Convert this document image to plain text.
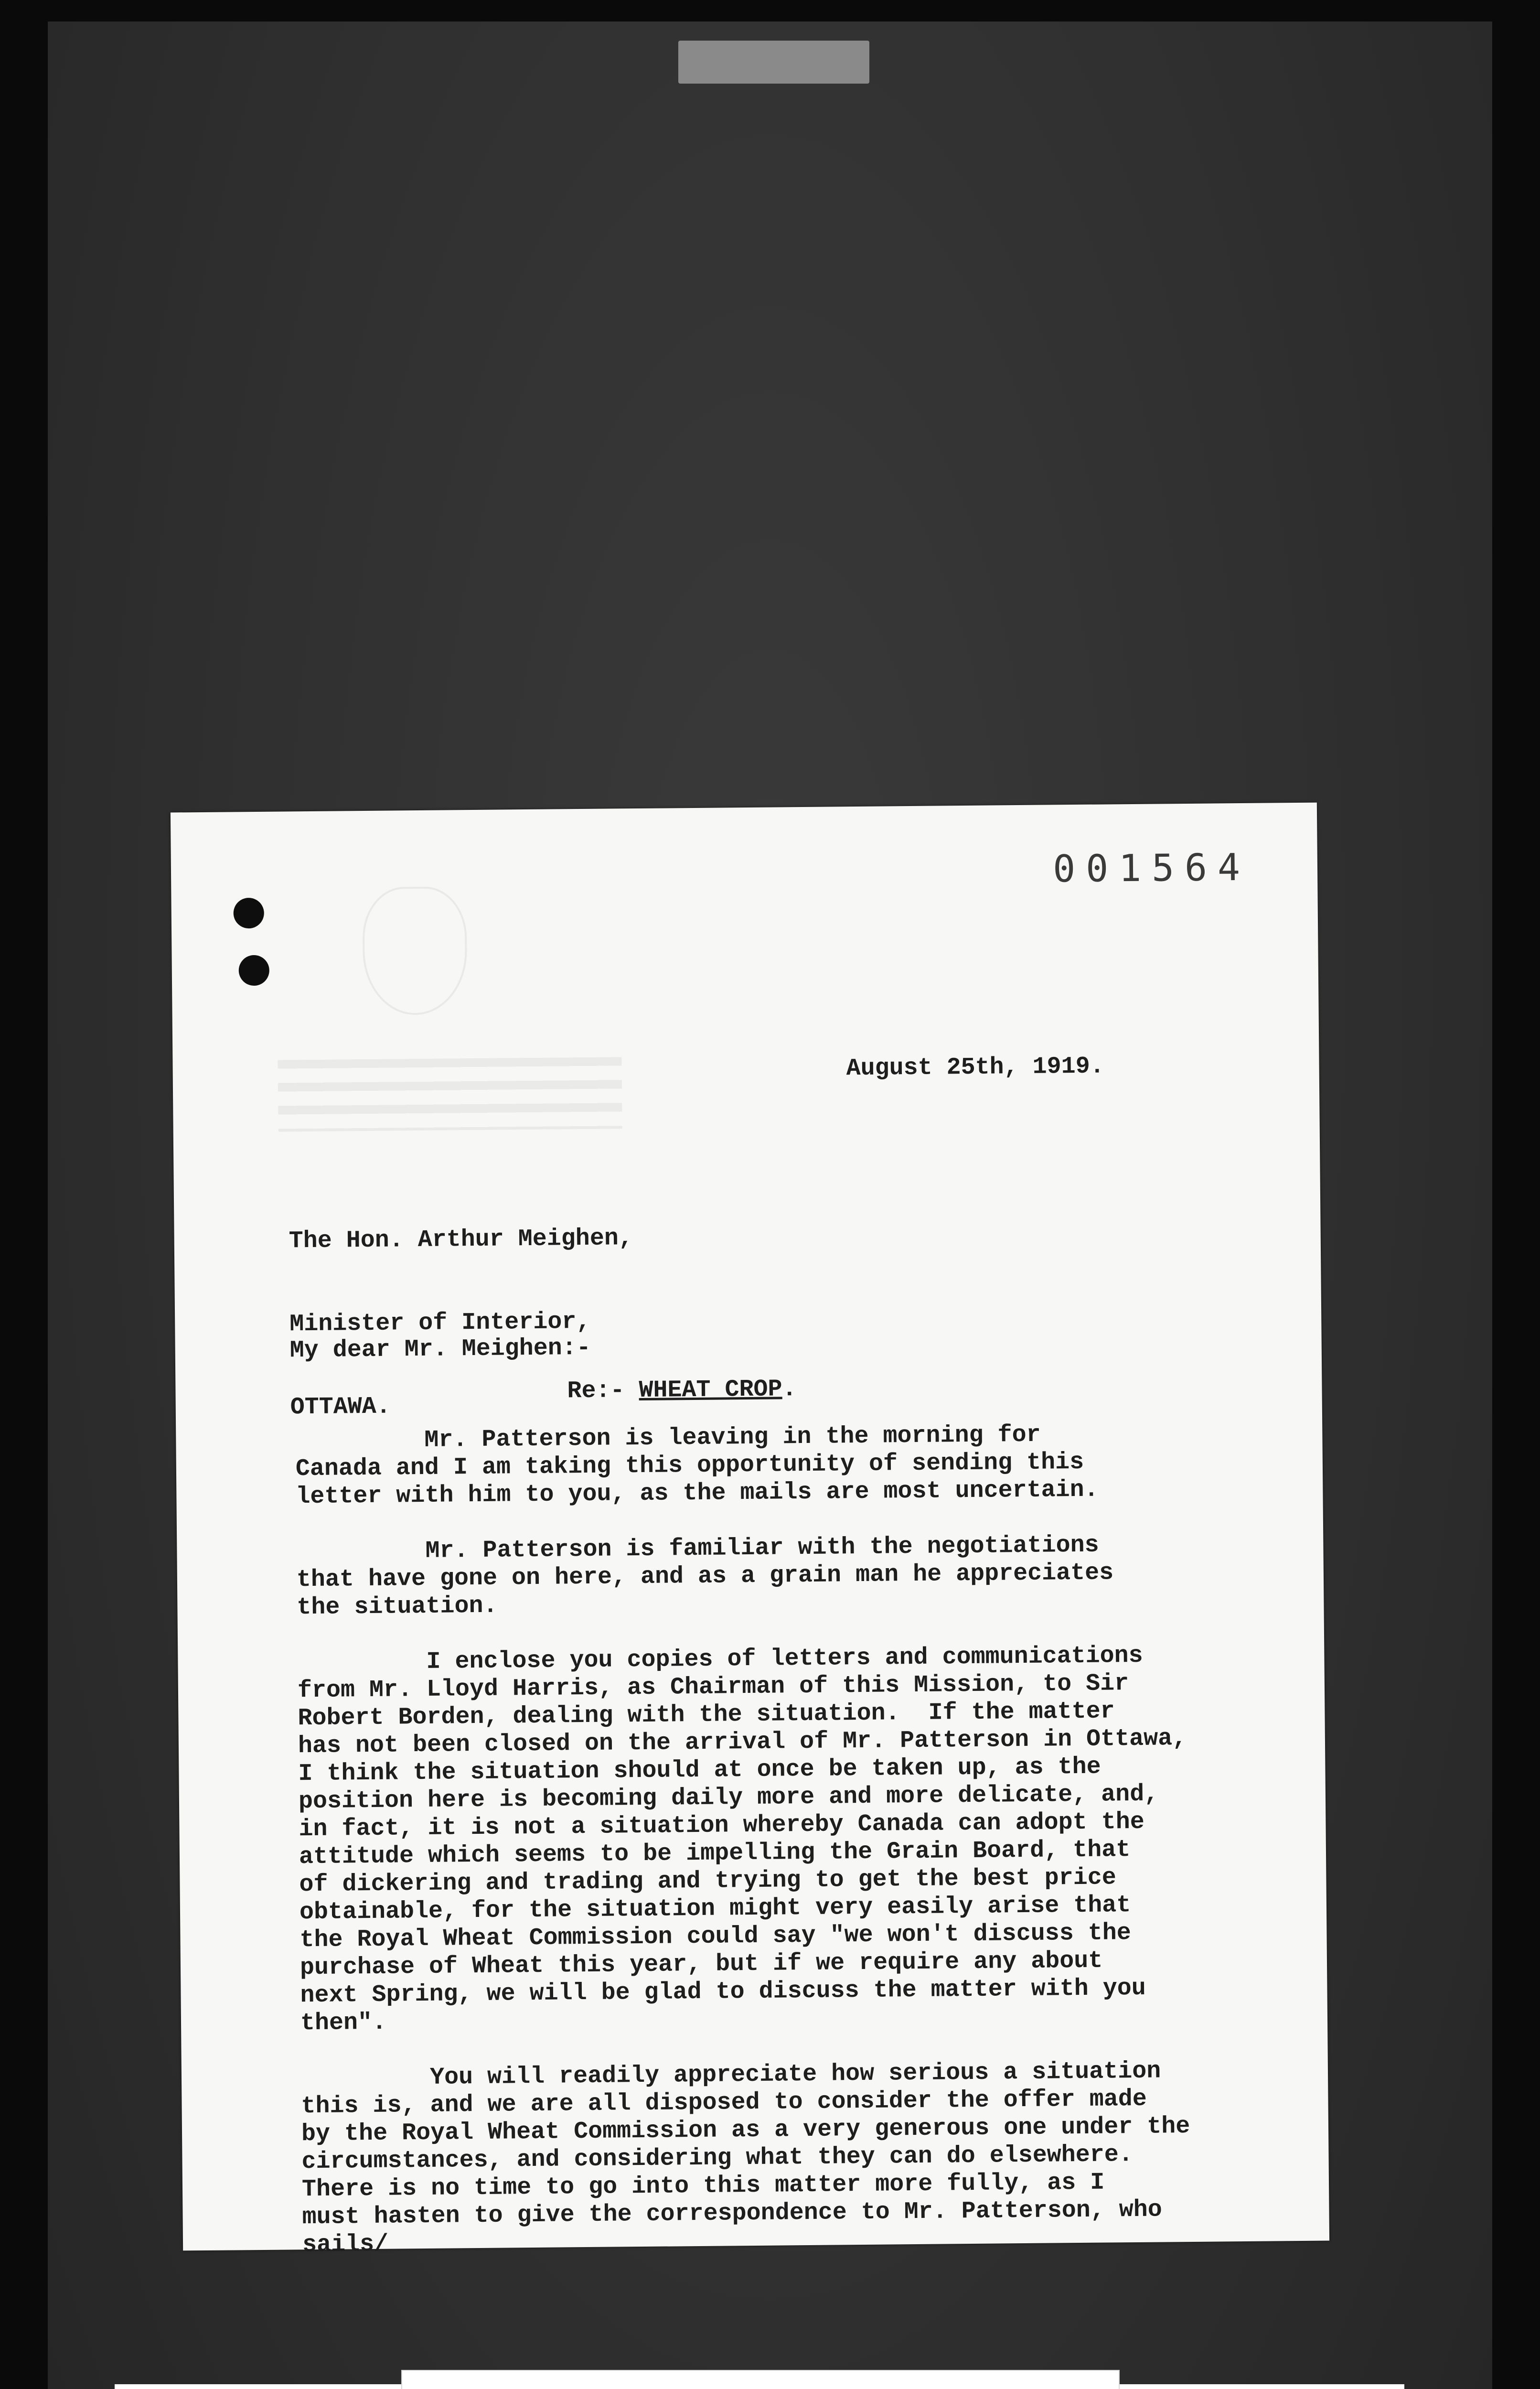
001564
August 25th, 1919.

The Hon. Arthur Meighen,

Minister of Interior,

OTTAWA.

My dear Mr. Meighen:-
Re:- WHEAT CROP.
Mr. Patterson is leaving in the morning for
Canada and I am taking this opportunity of sending this
letter with him to you, as the mails are most uncertain.

Mr. Patterson is familiar with the negotiations
that have gone on here, and as a grain man he appreciates
the situation.

I enclose you copies of letters and communications
from Mr. Lloyd Harris, as Chairman of this Mission, to Sir
Robert Borden, dealing with the situation.  If the matter
has not been closed on the arrival of Mr. Patterson in Ottawa,
I think the situation should at once be taken up, as the
position here is becoming daily more and more delicate, and,
in fact, it is not a situation whereby Canada can adopt the
attitude which seems to be impelling the Grain Board, that
of dickering and trading and trying to get the best price
obtainable, for the situation might very easily arise that
the Royal Wheat Commission could say "we won't discuss the
purchase of Wheat this year, but if we require any about
next Spring, we will be glad to discuss the matter with you
then".

You will readily appreciate how serious a situation
this is, and we are all disposed to consider the offer made
by the Royal Wheat Commission as a very generous one under the
circumstances, and considering what they can do elsewhere.
There is no time to go into this matter more fully, as I
must hasten to give the correspondence to Mr. Patterson, who
sails/
